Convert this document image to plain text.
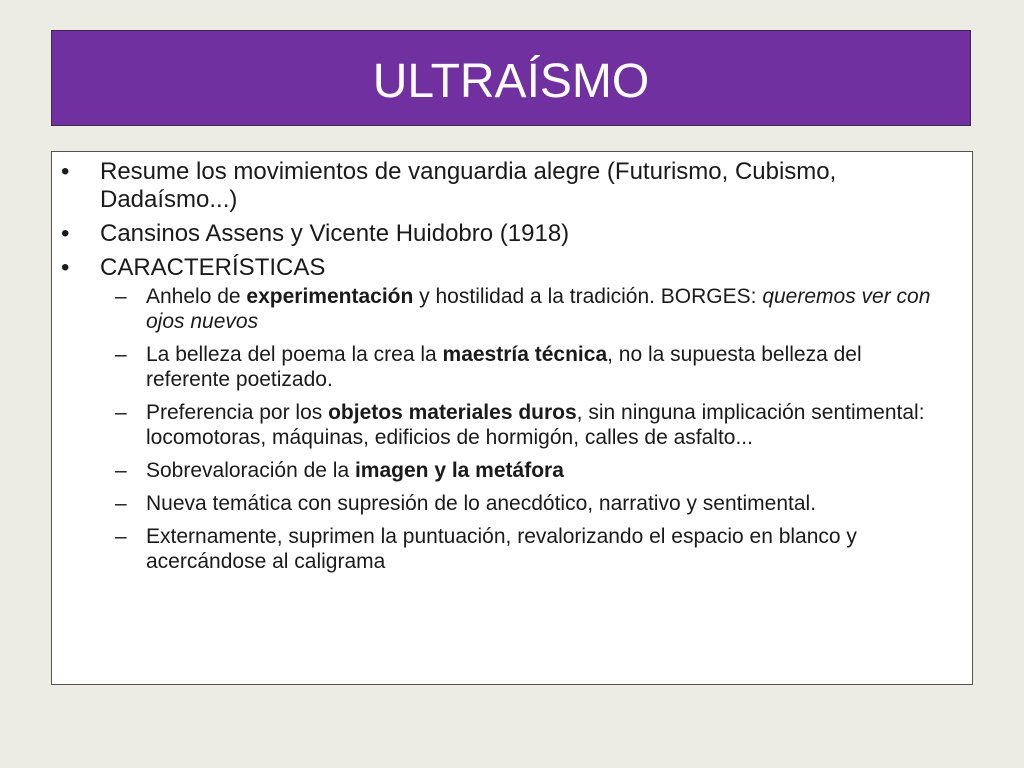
ULTRAÍSMO
• Resume los movimientos de vanguardia alegre (Futurismo, Cubismo, Dadaísmo...)
• Cansinos Assens y Vicente Huidobro (1918)
• CARACTERÍSTICAS
– Anhelo de experimentación y hostilidad a la tradición. BORGES: queremos ver con ojos nuevos
– La belleza del poema la crea la maestría técnica, no la supuesta belleza del referente poetizado.
– Preferencia por los objetos materiales duros, sin ninguna implicación sentimental: locomotoras, máquinas, edificios de hormigón, calles de asfalto...
– Sobrevaloración de la imagen y la metáfora
– Nueva temática con supresión de lo anecdótico, narrativo y sentimental.
– Externamente, suprimen la puntuación, revalorizando el espacio en blanco y acercándose al caligrama
